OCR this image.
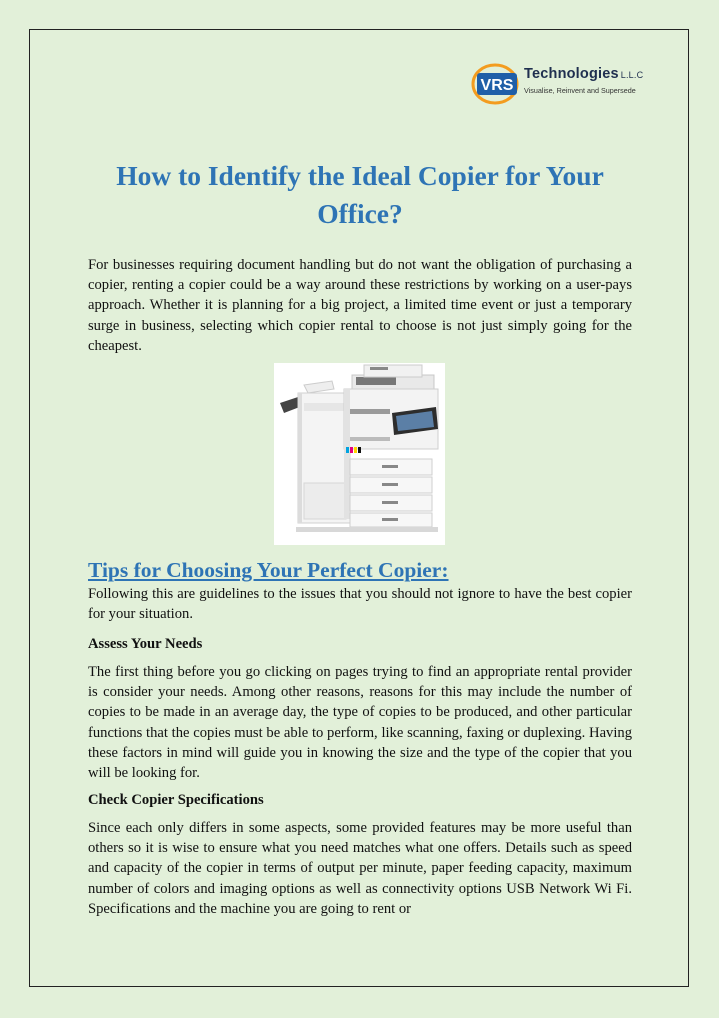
VRS
Technologies L.L.C
Visualise, Reinvent and Supersede
How to Identify the Ideal Copier for Your Office?

For businesses requiring document handling but do not want the obligation of purchasing a copier, renting a copier could be a way around these restrictions by working on a user-pays approach. Whether it is planning for a big project, a limited time event or just a temporary surge in business, selecting which copier rental to choose is not just simply going for the cheapest.

Tips for Choosing Your Perfect Copier:

Following this are guidelines to the issues that you should not ignore to have the best copier for your situation.

Assess Your Needs

The first thing before you go clicking on pages trying to find an appropriate rental provider is consider your needs. Among other reasons, reasons for this may include the number of copies to be made in an average day, the type of copies to be produced, and other particular functions that the copies must be able to perform, like scanning, faxing or duplexing. Having these factors in mind will guide you in knowing the size and the type of the copier that you will be looking for.

Check Copier Specifications

Since each only differs in some aspects, some provided features may be more useful than others so it is wise to ensure what you need matches what one offers. Details such as speed and capacity of the copier in terms of output per minute, paper feeding capacity, maximum number of colors and imaging options as well as connectivity options USB Network Wi Fi. Specifications and the machine you are going to rent or
